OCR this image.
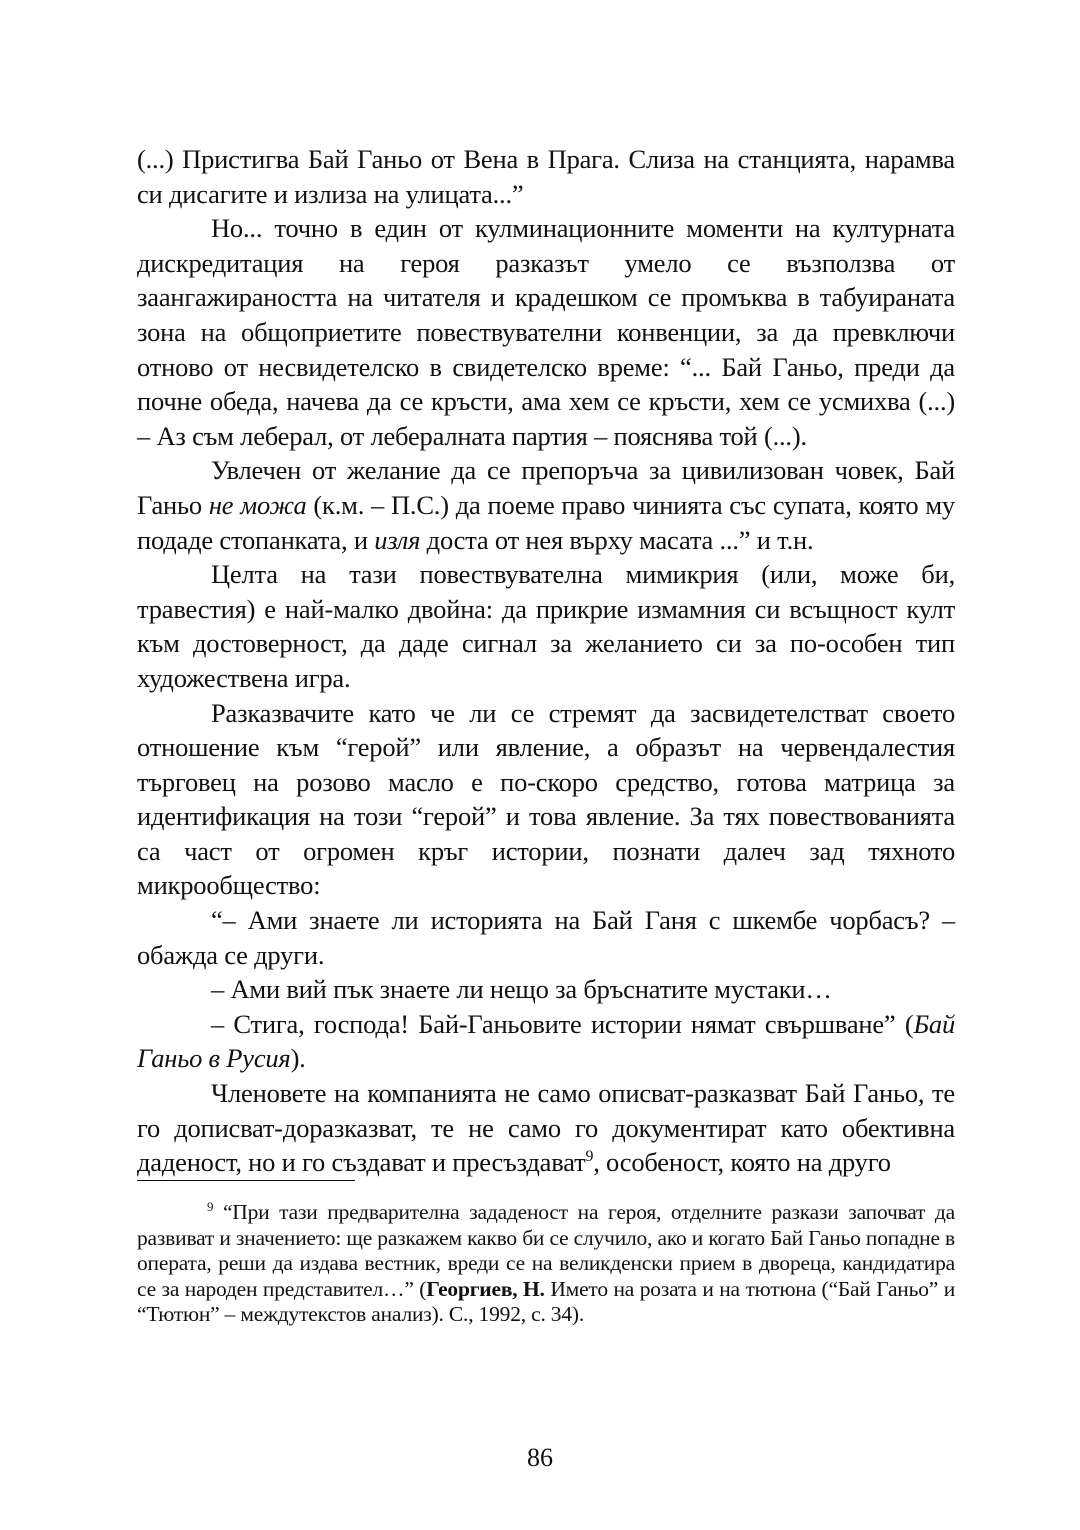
(...) Пристигва Бай Ганьо от Вена в Прага. Слиза на станцията, нарамва си дисагите и излиза на улицата...”

Но... точно в един от кулминационните моменти на културната дискредитация на героя разказът умело се възползва от заангажираността на читателя и крадешком се промъква в табуираната зона на общоприетите повествувателни конвенции, за да превключи отново от несвидетелско в свидетелско време: “... Бай Ганьо, преди да почне обеда, начева да се кръсти, ама хем се кръсти, хем се усмихва (...) – Аз съм леберал, от лебералната партия – пояснява той (...).

Увлечен от желание да се препоръча за цивилизован човек, Бай Ганьо не можа (к.м. – П.С.) да поеме право чинията със супата, която му подаде стопанката, и изля доста от нея върху масата ...” и т.н.

Целта на тази повествувателна мимикрия (или, може би, травестия) е най-малко двойна: да прикрие измамния си всъщност култ към достоверност, да даде сигнал за желанието си за по-особен тип художествена игра.

Разказвачите като че ли се стремят да засвидетелстват своето отношение към “герой” или явление, а образът на червендалестия търговец на розово масло е по-скоро средство, готова матрица за идентификация на този “герой” и това явление. За тях повествованията са част от огромен кръг истории, познати далеч зад тяхното микрообщество:

“– Ами знаете ли историята на Бай Ганя с шкембе чорбасъ? – обажда се други.

– Ами вий пък знаете ли нещо за бръснатите мустаки…

– Стига, господа! Бай-Ганьовите истории нямат свършване” (Бай Ганьо в Русия).

Членовете на компанията не само описват-разказват Бай Ганьо, те го дописват-доразказват, те не само го документират като обективна даденост, но и го създават и пресъздават$^9$, особеност, която на друго

$^9$ “При тази предварителна зададеност на героя, отделните разкази започват да развиват и значението: ще разкажем какво би се случило, ако и когато Бай Ганьо попадне в операта, реши да издава вестник, вреди се на великденски прием в двореца, кандидатира се за народен представител…” (Георгиев, Н. Името на розата и на тютюна (“Бай Ганьо” и “Тютюн” – междутекстов анализ). С., 1992, с. 34).

86
